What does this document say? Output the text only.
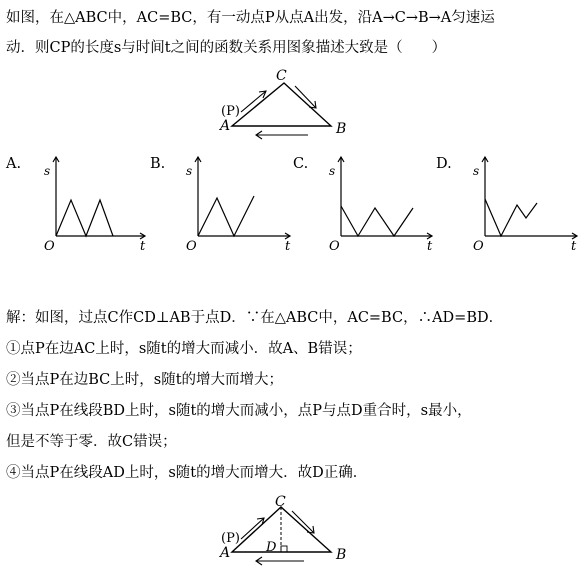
如图，在△ABC中，AC=BC，有一动点P从点A出发，沿A→C→B→A匀速运
动．则CP的长度s与时间t之间的函数关系用图象描述大致是（　　）
C
(P)
A	B
A.	B.	C.	D.
s
t
O
s
t
O
s
t
O
s
t
O
解：如图，过点C作CD⊥AB于点D．∵在△ABC中，AC=BC，∴AD=BD．
①点P在边AC上时，s随t的增大而减小．故A、B错误；
②当点P在边BC上时，s随t的增大而增大；
③当点P在线段BD上时，s随t的增大而减小，点P与点D重合时，s最小，
但是不等于零．故C错误；
④当点P在线段AD上时，s随t的增大而增大．故D正确．
C
(P)
A	D	B
